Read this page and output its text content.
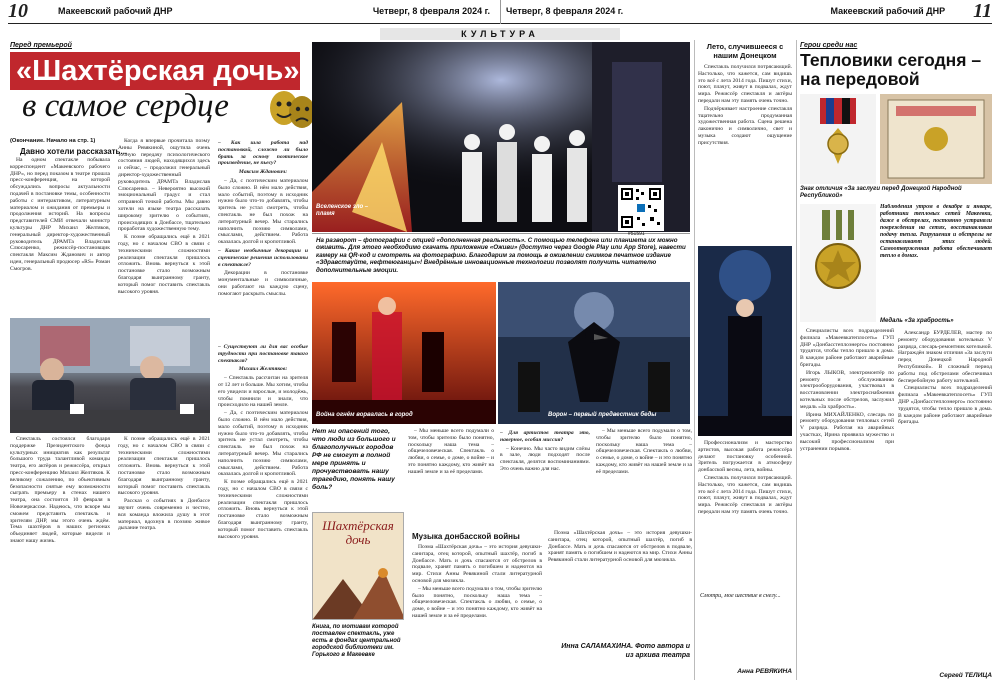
10	Макеевский рабочий ДНР	Четверг, 8 февраля 2024 г. Четверг, 8 февраля 2024 г.	Макеевский рабочий ДНР 11
КУЛЬТУРА
Перед премьерой
«Шахтёрская дочь»:
в самое сердце
(Окончание. Начало на стр. 1)
Давно хотели рассказать...

На одном спектакле побывала корреспондент «Макеевского рабочего ДНР», но перед показом в театре прошла пресс-конференция, на которой обсуждались вопросы актуальности подачей в постановке темы, особенности работы с интерактивом, литературным материалом и ожидания от премьеры и продолжения историй. На вопросы представителей СМИ отвечали министр культуры ДНР Михаил Желтяков, генеральный директор-художественный руководитель ДРАМТа Владислав Слюсаренко, режиссёр-постановщик спектакля Максим Жданович и автор идеи, генеральный продюсер «RS» Роман Смогров.

Когда я впервые прочитала поэму Анны Ревякиной, ощутила очень точную передачу психологического состояния людей, находящихся здесь и сейчас, – продолжил генеральный директор-художественный руководитель ДРАМТа Владислав Слюсаренко. – Невероятно высокий эмоциональный градус и стал отправной точкой работы. Мы давно хотели на языке театра рассказать широкому зрителю о событиях, происходящих в Донбассе, тщательно проработав художественную тему.

К поэме обращались ещё в 2021 году, но с началом СВО в связи с техническими сложностями реализации спектакля пришлось отложить. Вновь вернуться к этой постановке стало возможным благодаря выигранному гранту, который помог поставить спектакль высокого уровня.

– Как шла работа над постановкой, сложно ли было брать за основу поэтическое произведение, не пьесу?
Максим Жданович:

– Да, с поэтическим материалом было сложно. В нём мало действия, мало событий, поэтому в исходник нужно было что-то добавлять, чтобы зритель не устал смотреть, чтобы спектакль не был похож на литературный вечер. Мы старались наполнить поэзию символами, смыслами, действием. Работа оказалась долгой и кропотливой.

– Какие необычные декорации и сценические решения использованы в спектакле?

Декорации в постановке монументальные и символичные, они работают на каждую сцену, помогают раскрыть смыслы.

Спектакль состоялся благодаря поддержке Президентского фонда культурных инициатив как результат большого труда талантливой команды театра, его актёров и режиссёра, открыл пресс-конференцию Михаил Желтяков. К великому сожалению, по объективным безопасности снятые ему возможности сыграть премьеру в стенах нашего театра, она состоится 10 февраля в Новочеркасске. Надеюсь, что вскоре мы сможем представить спектакль и зрителям ДНР, мы этого очень ждём. Тема шахтёров в наших регионах объединяет людей, которые видели и знают нашу жизнь.

К поэме обращались ещё в 2021 году, но с началом СВО в связи с техническими сложностями реализации спектакля пришлось отложить. Вновь вернуться к этой постановке стало возможным благодаря выигранному гранту, который помог поставить спектакль высокого уровня.

Рассказ о событиях в Донбассе звучит очень современно и честно, вся команда вложила душу в этот материал, вдохнув в поэзию живое дыхание театра.

– Существуют ли для вас особые трудности при постановке такого спектакля?
Михаил Желтяков:

– Спектакль рассчитан на зрителя от 12 лет и больше. Мы хотим, чтобы его увидели и взрослые, и молодёжь, чтобы помнили и знали, что происходило на нашей земле.

– Да, с поэтическим материалом было сложно. В нём мало действия, мало событий, поэтому в исходник нужно было что-то добавлять, чтобы зритель не устал смотреть, чтобы спектакль не был похож на литературный вечер. Мы старались наполнить поэзию символами, смыслами, действием. Работа оказалась долгой и кропотливой.

К поэме обращались ещё в 2021 году, но с началом СВО в связи с техническими сложностями реализации спектакля пришлось отложить. Вновь вернуться к этой постановке стало возможным благодаря выигранному гранту, который помог поставить спектакль высокого уровня.

Вселенское зло – пламя
На разворот – фотографии с опцией «дополненная реальность». С помощью телефона или планшета их можно оживить. Для этого необходимо скачать приложение «Оживи» (доступно через Google Play или App Store), навести камеру на QR-код и смотреть на фотографию. Благодарим за помощь в оживлении снимков печатное издание «Здравствуйте, нефтеюганцы»! Внедрённые инновационные технологии позволят получить читателю дополнительные эмоции.
#51591
Война огнём ворвалась в город	Ворон – первый предвестник беды
Нет ни опасений того, что люди из большого и благополучных городов РФ не смогут в полной мере принять и прочувствовать нашу трагедию, понять нашу боль?

– Мы меньше всего подумали о том, чтобы зрителю было понятно, поскольку наша тема – общечеловеческая. Спектакль о любви, о семье, о доме, о войне – и это понятно каждому, кто живёт на нашей земле и за её пределами.

– Для артистов театра это, наверное, особая миссия?

– Конечно. Мы часто видим слёзы в зале, люди подходят после спектакля, делятся воспоминаниями. Это очень важно для нас.

– Мы меньше всего подумали о том, чтобы зрителю было понятно, поскольку наша тема – общечеловеческая. Спектакль о любви, о семье, о доме, о войне – и это понятно каждому, кто живёт на нашей земле и за её пределами.

Шахтёрская дочь
Книга, по мотивам которой поставлен спектакль, уже есть в фондах центральной городской библиотеки им. Горького в Макеевке
Музыка донбасской войны

Поэма «Шахтёрская дочь» – это история девушки-санитара, отец которой, опытный шахтёр, погиб в Донбассе. Мать и дочь спасаются от обстрелов в подвале, хранят память о погибшем и надеются на мир. Стихи Анны Ревякиной стали литературной основой для мюзикла.

– Мы меньше всего подумали о том, чтобы зрителю было понятно, поскольку наша тема – общечеловеческая. Спектакль о любви, о семье, о доме, о войне – и это понятно каждому, кто живёт на нашей земле и за её пределами.

Поэма «Шахтёрская дочь» – это история девушки-санитара, отец которой, опытный шахтёр, погиб в Донбассе. Мать и дочь спасаются от обстрелов в подвале, хранят память о погибшем и надеются на мир. Стихи Анны Ревякиной стали литературной основой для мюзикла.

Инна САЛАМАХИНА. Фото автора и из архива театра
Лето, случившееся с нашим Донецком

Спектакль получился потрясающий. Настолько, что кажется, сам видишь это всё с лета 2014 года. Пишут стихи, поют, плачут, живут в подвалах, ждут мира. Режиссёр спектакля и актёры передали нам эту память очень точно.

Подчёркивает настроение спектакля тщательно продуманная художественная работа. Сцена решена лаконично и символично, свет и музыка создают ощущение присутствия.

Профессионализм и мастерство артистов, высокая работа режиссёра делают постановку особенной. Зритель погружается в атмосферу донбасской весны, лета, войны.

Спектакль получился потрясающий. Настолько, что кажется, сам видишь это всё с лета 2014 года. Пишут стихи, поют, плачут, живут в подвалах, ждут мира. Режиссёр спектакля и актёры передали нам эту память очень точно.

Смотри, мое шествие в снегу...
Анна РЕВЯКИНА
Герои среди нас
Тепловики сегодня – на передовой
Знак отличия «За заслуги перед Донецкой Народной Республикой»
Медаль «За храбрость»
Наблюдения утром в декабре и январе, работники тепловых сетей Макеевки, даже в обстрелах, постоянно устраняли повреждения на сетях, восстанавливая подачу тепла. Разрушения и обстрелы не останавливают этих людей. Самоотверженная работа обеспечивает тепло в домах.

Специалисты всех подразделений филиала «Макеевкатеплосеть» ГУП ДНР «Донбасстеплоэнерго» постоянно трудятся, чтобы тепло пришло в дома. В каждом районе работают аварийные бригады.

Игорь ЛЫКОВ, электромонтёр по ремонту и обслуживанию электрооборудования, участвовал в восстановлении электроснабжения котельных после обстрелов, заслужил медаль «За храбрость».

Ирина МИХАЙЛЕНКО, слесарь по ремонту оборудования тепловых сетей V разряда. Работая на аварийных участках, Ирина проявила мужество и высокий профессионализм при устранении порывов.

Александр БУРДЕЛЕВ, мастер по ремонту оборудования котельных V разряда, слесарь-ремонтник котельной. Награждён знаком отличия «За заслуги перед Донецкой Народной Республикой». В сложный период работы под обстрелами обеспечивал бесперебойную работу котельной.

Специалисты всех подразделений филиала «Макеевкатеплосеть» ГУП ДНР «Донбасстеплоэнерго» постоянно трудятся, чтобы тепло пришло в дома. В каждом районе работают аварийные бригады.

Сергей ТЕЛИЦА
